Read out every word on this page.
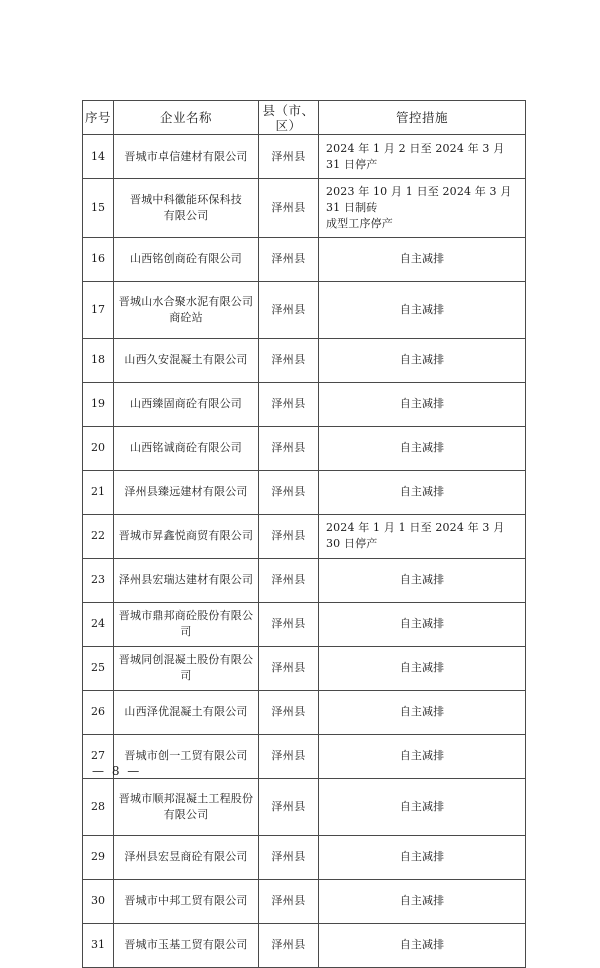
序号	企业名称	县（市、区）	管控措施
14	晋城市卓信建材有限公司	泽州县	2024 年 1 月 2 日至 2024 年 3 月 31 日停产

15	晋城中科徽能环保科技
有限公司	泽州县	2023 年 10 月 1 日至 2024 年 3 月 31 日制砖
成型工序停产

16	山西铭创商砼有限公司	泽州县	自主减排

17	晋城山水合聚水泥有限公司
商砼站	泽州县	自主减排

18	山西久安混凝土有限公司	泽州县	自主减排

19	山西臻固商砼有限公司	泽州县	自主减排

20	山西铭诚商砼有限公司	泽州县	自主减排

21	泽州县臻远建材有限公司	泽州县	自主减排

22	晋城市昇鑫悦商贸有限公司	泽州县	2024 年 1 月 1 日至 2024 年 3 月 30 日停产

23	泽州县宏瑞达建材有限公司	泽州县	自主减排

24	晋城市鼎邦商砼股份有限公司	泽州县	自主减排

25	晋城同创混凝土股份有限公司	泽州县	自主减排

26	山西泽优混凝土有限公司	泽州县	自主减排

27	晋城市创一工贸有限公司	泽州县	自主减排

28	晋城市顺邦混凝土工程股份
有限公司	泽州县	自主减排

29	泽州县宏昱商砼有限公司	泽州县	自主减排

30	晋城市中邦工贸有限公司	泽州县	自主减排

31	晋城市玉基工贸有限公司	泽州县	自主减排
— 8 —
